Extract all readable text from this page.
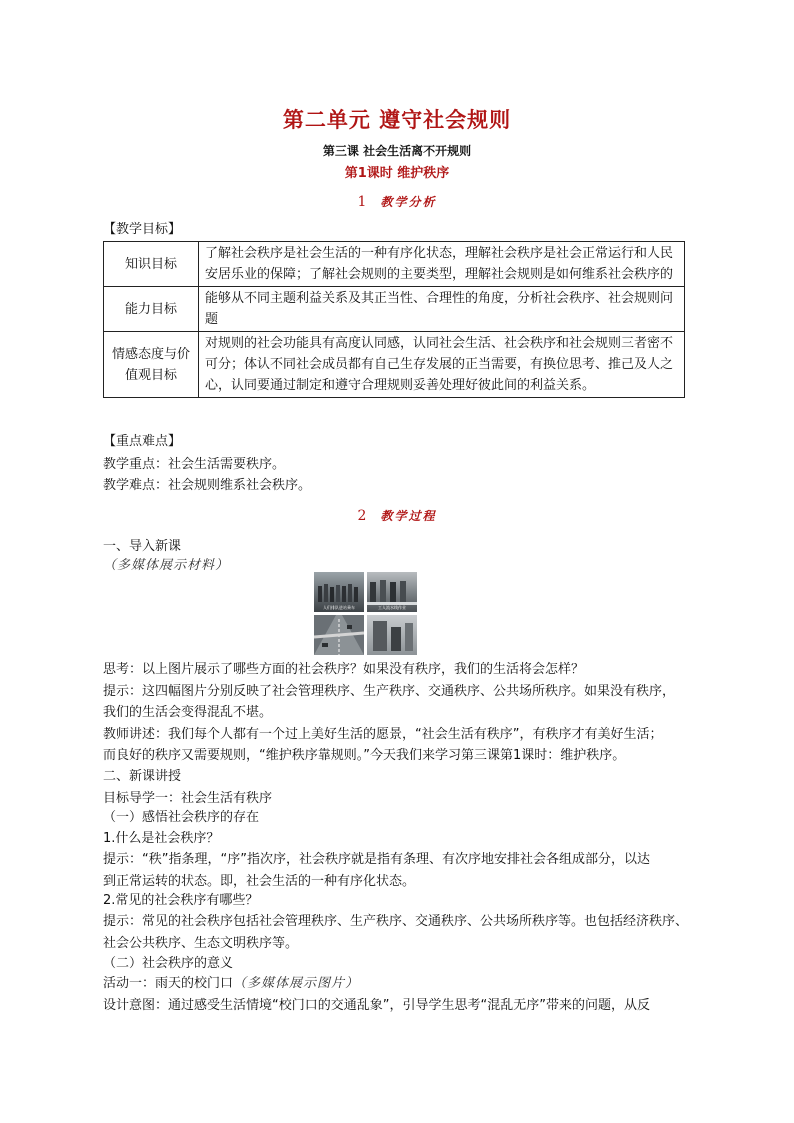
第二单元 遵守社会规则
第三课 社会生活离不开规则
第1课时 维护秩序
1 教学分析
【教学目标】
知识目标	了解社会秩序是社会生活的一种有序化状态，理解社会秩序是社会正常运行和人民安居乐业的保障；了解社会规则的主要类型，理解社会规则是如何维系社会秩序的
能力目标	能够从不同主题利益关系及其正当性、合理性的角度，分析社会秩序、社会规则问题
情感态度与价值观目标	对规则的社会功能具有高度认同感，认同社会生活、社会秩序和社会规则三者密不可分；体认不同社会成员都有自己生存发展的正当需要，有换位思考、推己及人之心，认同要通过制定和遵守合理规则妥善处理好彼此间的利益关系。
【重点难点】
教学重点：社会生活需要秩序。
教学难点：社会规则维系社会秩序。
2 教学过程
一、导入新课
（多媒体展示材料）
人们排队进站乘车	工人流水线作业
思考：以上图片展示了哪些方面的社会秩序？如果没有秩序，我们的生活将会怎样？
提示：这四幅图片分别反映了社会管理秩序、生产秩序、交通秩序、公共场所秩序。如果没有秩序，
我们的生活会变得混乱不堪。
教师讲述：我们每个人都有一个过上美好生活的愿景，“社会生活有秩序”，有秩序才有美好生活；
而良好的秩序又需要规则，“维护秩序靠规则。”今天我们来学习第三课第1课时：维护秩序。
二、新课讲授
目标导学一：社会生活有秩序
（一）感悟社会秩序的存在
1.什么是社会秩序？
提示：“秩”指条理，“序”指次序，社会秩序就是指有条理、有次序地安排社会各组成部分，以达
到正常运转的状态。即，社会生活的一种有序化状态。
2.常见的社会秩序有哪些？
提示：常见的社会秩序包括社会管理秩序、生产秩序、交通秩序、公共场所秩序等。也包括经济秩序、
社会公共秩序、生态文明秩序等。
（二）社会秩序的意义
活动一：雨天的校门口（多媒体展示图片）
设计意图：通过感受生活情境“校门口的交通乱象”，引导学生思考“混乱无序”带来的问题，从反
